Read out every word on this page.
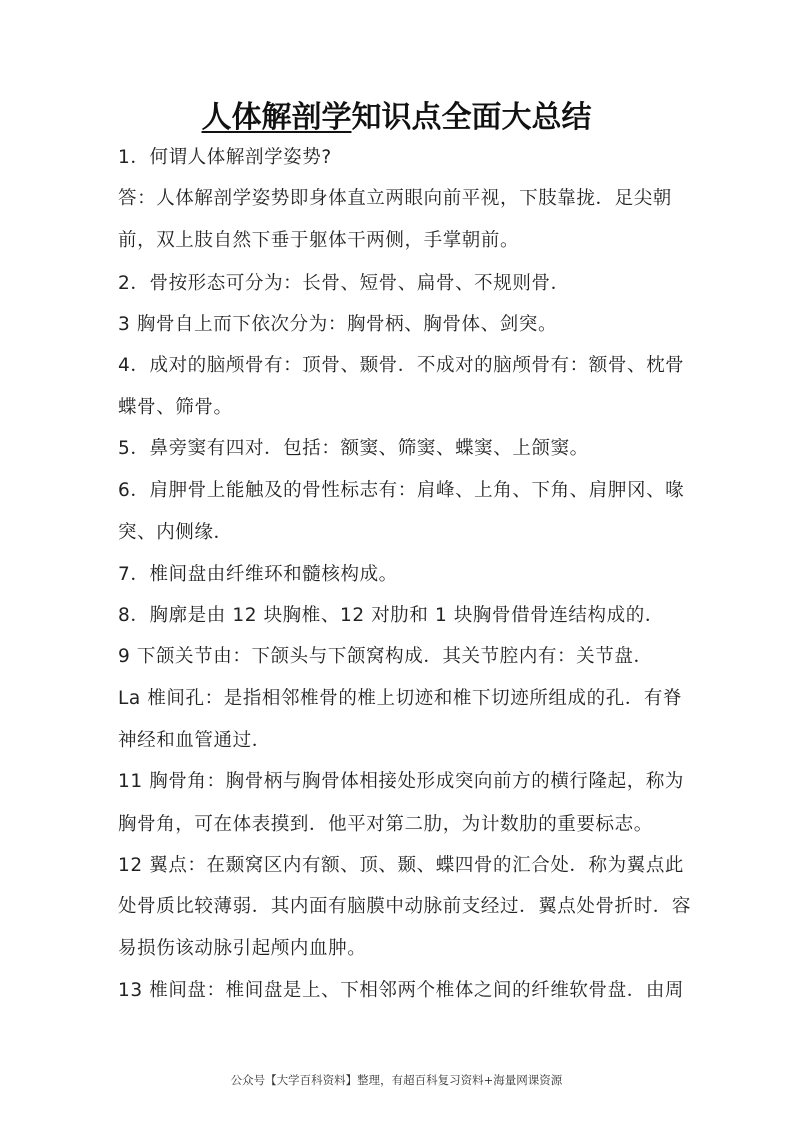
人体解剖学知识点全面大总结
1．何谓人体解剖学姿势?
答：人体解剖学姿势即身体直立两眼向前平视，下肢靠拢．足尖朝
前，双上肢自然下垂于躯体干两侧，手掌朝前。
2．骨按形态可分为：长骨、短骨、扁骨、不规则骨．
3 胸骨自上而下依次分为：胸骨柄、胸骨体、剑突。
4．成对的脑颅骨有：顶骨、颞骨．不成对的脑颅骨有：额骨、枕骨
蝶骨、筛骨。
5．鼻旁窦有四对．包括：额窦、筛窦、蝶窦、上颌窦。
6．肩胛骨上能触及的骨性标志有：肩峰、上角、下角、肩胛冈、喙
突、内侧缘．
7．椎间盘由纤维环和髓核构成。
8．胸廓是由 12 块胸椎、12 对肋和 1 块胸骨借骨连结构成的．
9 下颌关节由：下颌头与下颌窝构成．其关节腔内有：关节盘．
La 椎间孔：是指相邻椎骨的椎上切迹和椎下切迹所组成的孔．有脊
神经和血管通过．
11 胸骨角：胸骨柄与胸骨体相接处形成突向前方的横行隆起，称为
胸骨角，可在体表摸到．他平对第二肋，为计数肋的重要标志。
12 翼点：在颞窝区内有额、顶、颞、蝶四骨的汇合处．称为翼点此
处骨质比较薄弱．其内面有脑膜中动脉前支经过．翼点处骨折时．容
易损伤该动脉引起颅内血肿。
13 椎间盘：椎间盘是上、下相邻两个椎体之间的纤维软骨盘．由周
公众号【大学百科资料】整理，有超百科复习资料+海量网课资源
